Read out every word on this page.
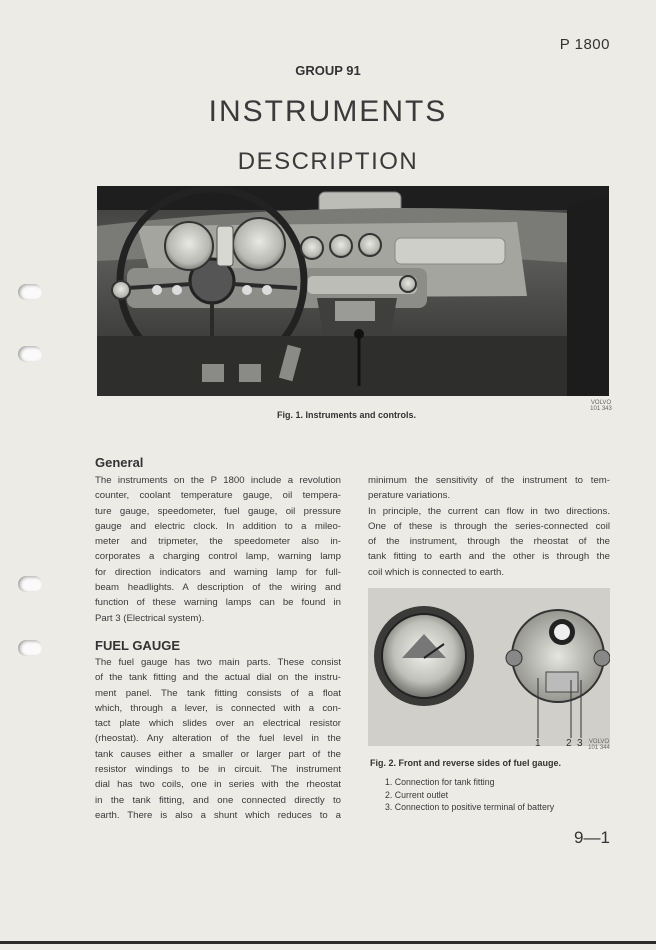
P 1800
GROUP 91
INSTRUMENTS
DESCRIPTION
VOLVO
101 343
Fig. 1. Instruments and controls.
General
The instruments on the P 1800 include a revolution
counter, coolant temperature gauge, oil tempera-
ture gauge, speedometer, fuel gauge, oil pressure
gauge and electric clock. In addition to a mileo-
meter and tripmeter, the speedometer also in-
corporates a charging control lamp, warning lamp
for direction indicators and warning lamp for full-
beam headlights. A description of the wiring and
function of these warning lamps can be found in
Part 3 (Electrical system).
FUEL GAUGE
The fuel gauge has two main parts. These consist
of the tank fitting and the actual dial on the instru-
ment panel. The tank fitting consists of a float
which, through a lever, is connected with a con-
tact plate which slides over an electrical resistor
(rheostat). Any alteration of the fuel level in the
tank causes either a smaller or larger part of the
resistor windings to be in circuit. The instrument
dial has two coils, one in series with the rheostat
in the tank fitting, and one connected directly to
earth. There is also a shunt which reduces to a
minimum the sensitivity of the instrument to tem-
perature variations.
In principle, the current can flow in two directions.
One of these is through the series-connected coil
of the instrument, through the rheostat of the
tank fitting to earth and the other is through the
coil which is connected to earth.
1	2 3	VOLVO
101 344
Fig. 2. Front and reverse sides of fuel gauge.
1. Connection for tank fitting
2. Current outlet
3. Connection to positive terminal of battery
9—1
